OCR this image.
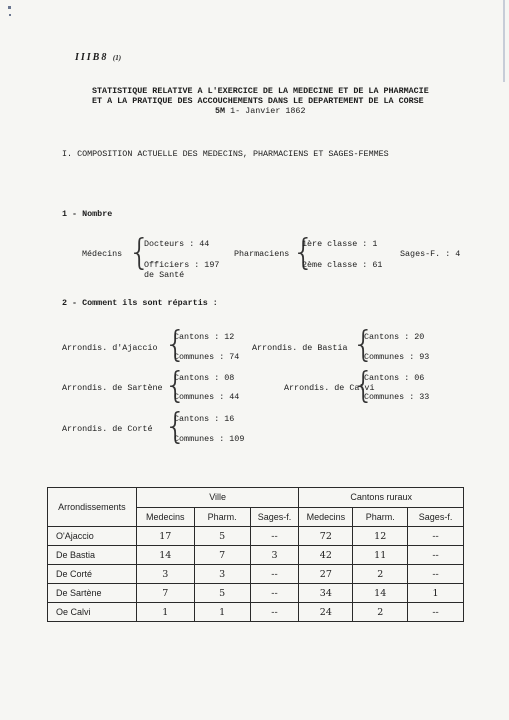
IIIB8 (1)
STATISTIQUE RELATIVE A L'EXERCICE DE LA MEDECINE ET DE LA PHARMACIE
ET A LA PRATIQUE DES ACCOUCHEMENTS DANS LE DEPARTEMENT DE LA CORSE
5M 1- Janvier 1862
I. COMPOSITION ACTUELLE DES MEDECINS, PHARMACIENS ET SAGES-FEMMES
1 - Nombre
Médecins {
Docteurs : 44
Officiers : 197
de Santé
Pharmaciens {
1ère classe : 1
2ème classe : 61
Sages-F. : 4
2 - Comment ils sont répartis :
Arrondis. d'Ajaccio {
Cantons : 12
Communes : 74
Arrondis. de Bastia {
Cantons : 20
Communes : 93
Arrondis. de Sartène {
Cantons : 08
Communes : 44
Arrondis. de Calvi
{
Cantons : 06
Communes : 33
Arrondis. de Corté {
Cantons : 16
Communes : 109
Arrondissements	Ville			Cantons ruraux		
	Medecins	Pharm.	Sages-f.	Medecins	Pharm.	Sages-f.
O'Ajaccio	17	5	--	72	12	--
De Bastia	14	7	3	42	11	--
De Corté	3	3	--	27	2	--
De Sartène	7	5	--	34	14	1
Oe Calvi	1	1	--	24	2	--
